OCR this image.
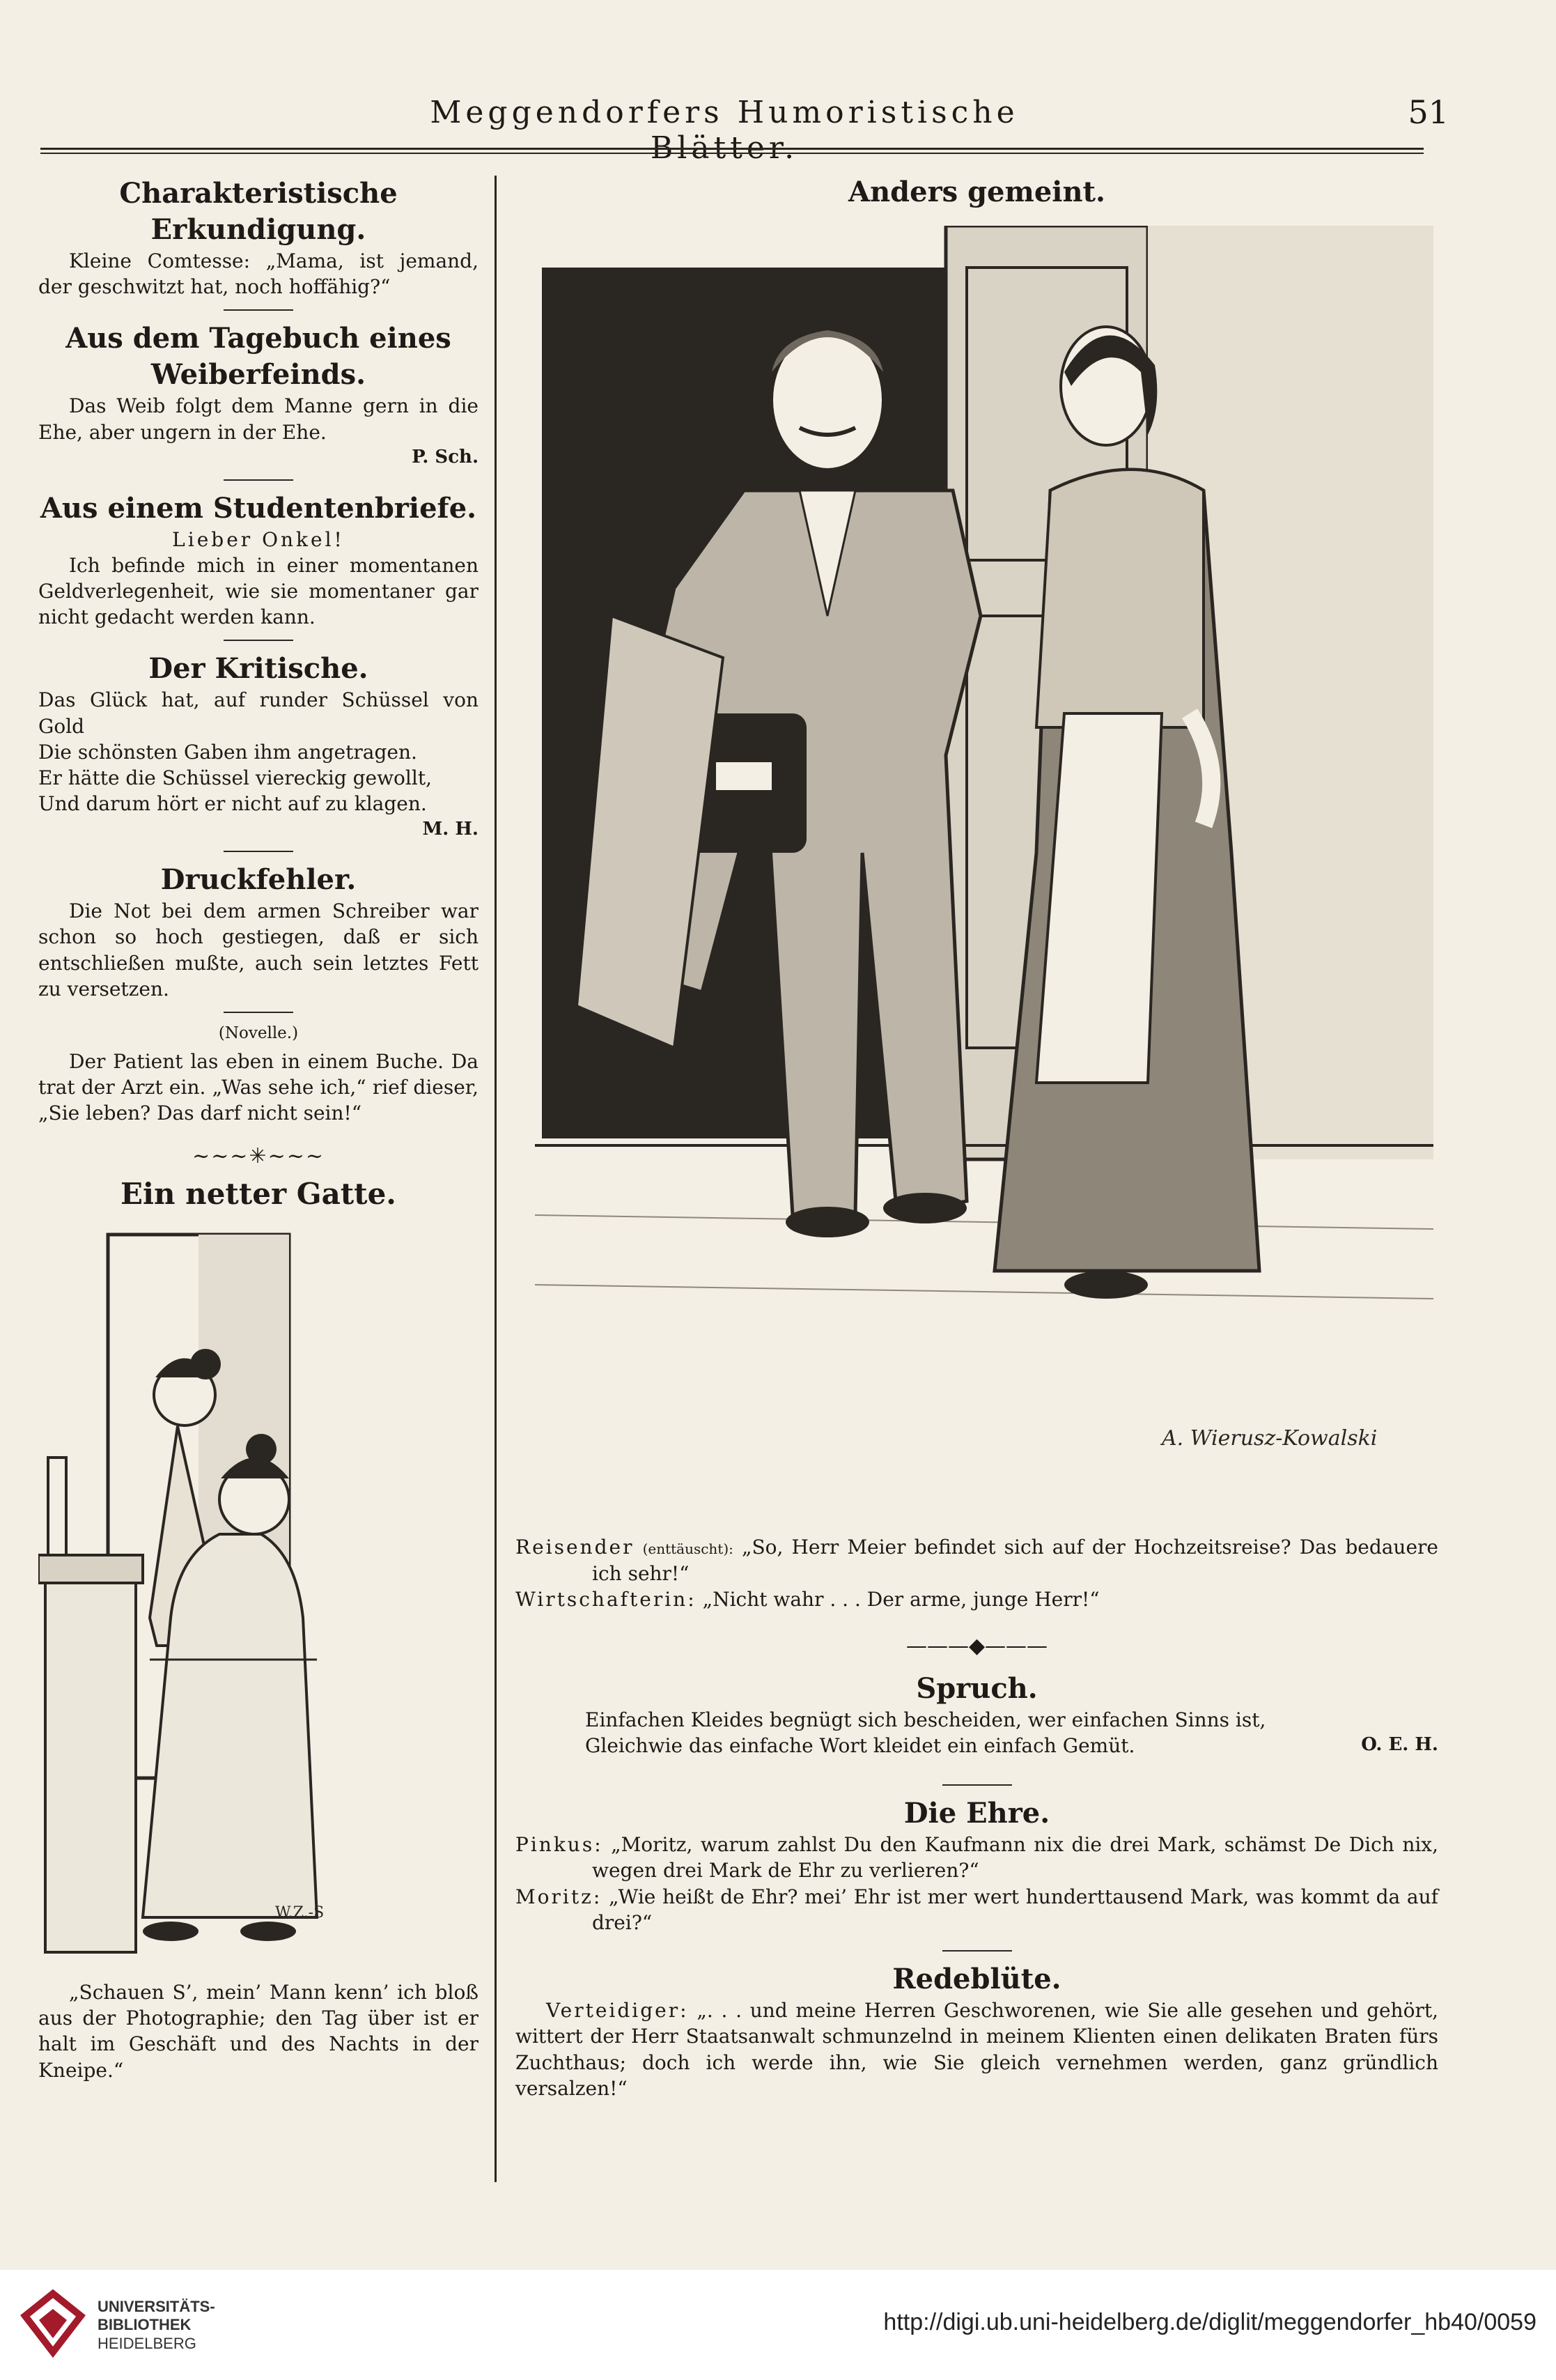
Meggendorfers Humoristische Blätter.
51
Charakteristische Erkundigung.

Kleine Comtesse: „Mama, ist jemand, der geschwitzt hat, noch hoffähig?“

Aus dem Tagebuch eines
Weiberfeinds.

Das Weib folgt dem Manne gern in die Ehe, aber ungern in der Ehe.

P. Sch.

Aus einem Studentenbriefe.

Lieber Onkel!

Ich befinde mich in einer momentanen Geldverlegenheit, wie sie momentaner gar nicht gedacht werden kann.

Der Kritische.

Das Glück hat, auf runder Schüssel von Gold

Die schönsten Gaben ihm angetragen.

Er hätte die Schüssel viereckig gewollt,

Und darum hört er nicht auf zu klagen.

M. H.

Druckfehler.

Die Not bei dem armen Schreiber war schon so hoch gestiegen, daß er sich entschließen mußte, auch sein letztes Fett zu versetzen.

(Novelle.)

Der Patient las eben in einem Buche. Da trat der Arzt ein. „Was sehe ich,“ rief dieser, „Sie leben? Das darf nicht sein!“

~~~✳~~~
Ein netter Gatte.
W.Z.-S

„Schauen S’, mein’ Mann kenn’ ich bloß aus der Photographie; den Tag über ist er halt im Geschäft und des Nachts in der Kneipe.“

Anders gemeint.
A. Wierusz-Kowalski

Reisender (enttäuscht): „So, Herr Meier befindet sich auf der Hochzeitsreise? Das bedauere ich sehr!“

Wirtschafterin: „Nicht wahr . . . Der arme, junge Herr!“

———◆———
Spruch.

Einfachen Kleides begnügt sich bescheiden, wer einfachen Sinns ist,

Gleichwie das einfache Wort kleidet ein einfach Gemüt.	O. E. H.

Die Ehre.

Pinkus: „Moritz, warum zahlst Du den Kaufmann nix die drei Mark, schämst De Dich nix, wegen drei Mark de Ehr zu verlieren?“

Moritz: „Wie heißt de Ehr? mei’ Ehr ist mer wert hunderttausend Mark, was kommt da auf drei?“

Redeblüte.

Verteidiger: „. . . und meine Herren Geschworenen, wie Sie alle gesehen und gehört, wittert der Herr Staatsanwalt schmunzelnd in meinem Klienten einen delikaten Braten fürs Zuchthaus; doch ich werde ihn, wie Sie gleich vernehmen werden, ganz gründlich versalzen!“

UNIVERSITÄTS-
BIBLIOTHEK
HEIDELBERG
http://digi.ub.uni-heidelberg.de/diglit/meggendorfer_hb40/0059
